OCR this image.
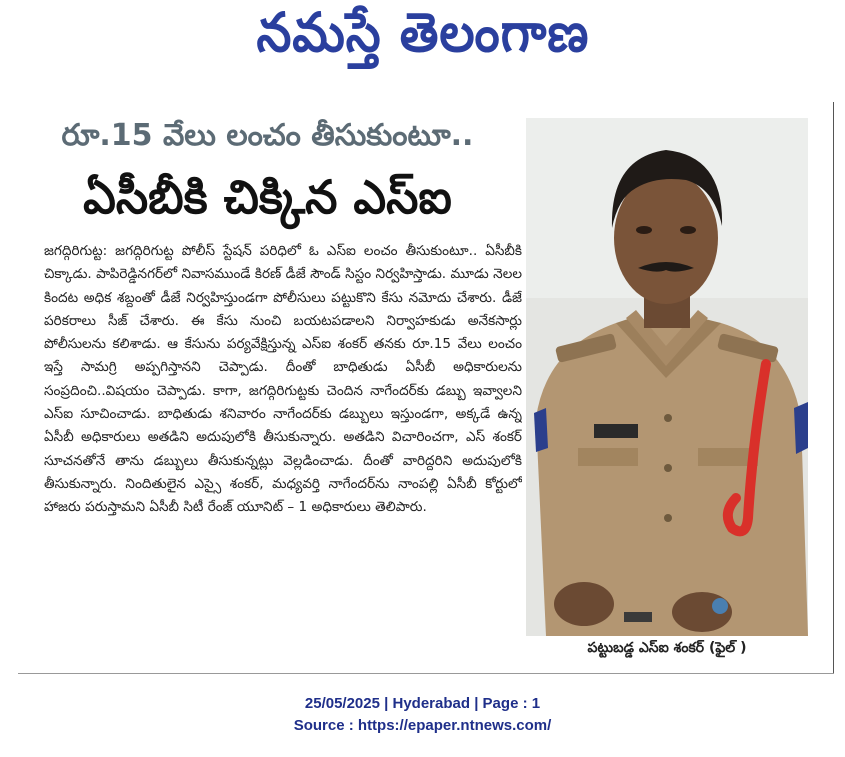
నమస్తే తెలంగాణ
రూ.15 వేలు లంచం తీసుకుంటూ..
ఏసీబీకి చిక్కిన ఎస్‌ఐ
జగద్గిరిగుట్ట: జగద్గిరిగుట్ట పోలీస్ స్టేషన్ పరిధిలో ఓ ఎస్‌ఐ లంచం తీసుకుంటూ.. ఏసీబీకి చిక్కాడు. పాపిరెడ్డినగర్‌లో నివాసముండే కిరణ్ డీజే సౌండ్ సిస్టం నిర్వహిస్తాడు. మూడు నెలల కిందట అధిక శబ్దంతో డీజే నిర్వహిస్తుండగా పోలీసులు పట్టుకొని కేసు నమోదు చేశారు. డీజే పరికరాలు సీజ్ చేశారు. ఈ కేసు నుంచి బయటపడాలని నిర్వాహకుడు అనేకసార్లు పోలీసులను కలిశాడు. ఆ కేసును పర్యవేక్షిస్తున్న ఎస్‌ఐ శంకర్ తనకు రూ.15 వేలు లంచం ఇస్తే సామగ్రి అప్పగిస్తానని చెప్పాడు. దీంతో బాధితుడు ఏసీబీ అధికారులను సంప్రదించి..విషయం చెప్పాడు. కాగా, జగద్గిరిగుట్టకు చెందిన నాగేందర్‌కు డబ్బు ఇవ్వాలని ఎస్‌ఐ సూచించాడు. బాధితుడు శనివారం నాగేందర్‌కు డబ్బులు ఇస్తుండగా, అక్కడే ఉన్న ఏసీబీ అధికారులు అతడిని అదుపులోకి తీసుకున్నారు. అతడిని విచారించగా, ఎస్ శంకర్ సూచనతోనే తాను డబ్బులు తీసుకున్నట్లు వెల్లడించాడు. దీంతో వారిద్దరిని అదుపులోకి తీసుకున్నారు. నిందితులైన ఎస్సై శంకర్, మధ్యవర్తి నాగేందర్‌ను నాంపల్లి ఏసీబీ కోర్టులో హాజరు పరుస్తామని ఏసీబీ సిటీ రేంజ్ యూనిట్ – 1 అధికారులు తెలిపారు.
పట్టుబడ్డ ఎస్‌ఐ శంకర్ (ఫైల్ )
25/05/2025 | Hyderabad | Page : 1
Source : https://epaper.ntnews.com/
